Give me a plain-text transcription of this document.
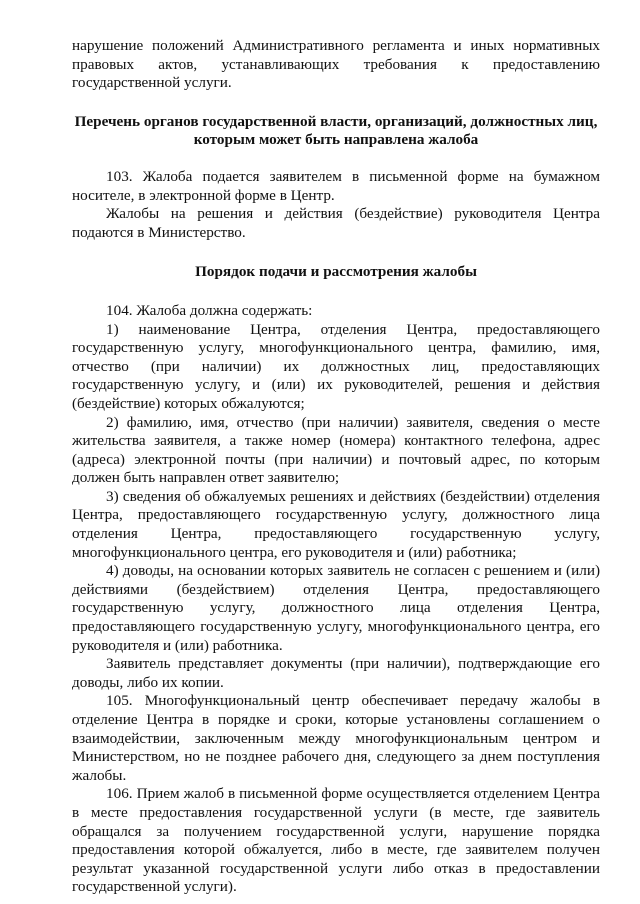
нарушение положений Административного регламента и иных нормативных правовых актов, устанавливающих требования к предоставлению государственной услуги.

Перечень органов государственной власти, организаций, должностных лиц, которым может быть направлена жалоба

103. Жалоба подается заявителем в письменной форме на бумажном носителе, в электронной форме в Центр.

Жалобы на решения и действия (бездействие) руководителя Центра подаются в Министерство.

Порядок подачи и рассмотрения жалобы

104. Жалоба должна содержать:

1) наименование Центра, отделения Центра, предоставляющего государственную услугу, многофункционального центра, фамилию, имя, отчество (при наличии) их должностных лиц, предоставляющих государственную услугу, и (или) их руководителей, решения и действия (бездействие) которых обжалуются;

2) фамилию, имя, отчество (при наличии) заявителя, сведения о месте жительства заявителя, а также номер (номера) контактного телефона, адрес (адреса) электронной почты (при наличии) и почтовый адрес, по которым должен быть направлен ответ заявителю;

3) сведения об обжалуемых решениях и действиях (бездействии) отделения Центра, предоставляющего государственную услугу, должностного лица отделения Центра, предоставляющего государственную услугу, многофункционального центра, его руководителя и (или) работника;

4) доводы, на основании которых заявитель не согласен с решением и (или) действиями (бездействием) отделения Центра, предоставляющего государственную услугу, должностного лица отделения Центра, предоставляющего государственную услугу, многофункционального центра, его руководителя и (или) работника.

Заявитель представляет документы (при наличии), подтверждающие его доводы, либо их копии.

105. Многофункциональный центр обеспечивает передачу жалобы в отделение Центра в порядке и сроки, которые установлены соглашением о взаимодействии, заключенным между многофункциональным центром и Министерством, но не позднее рабочего дня, следующего за днем поступления жалобы.

106. Прием жалоб в письменной форме осуществляется отделением Центра в месте предоставления государственной услуги (в месте, где заявитель обращался за получением государственной услуги, нарушение порядка предоставления которой обжалуется, либо в месте, где заявителем получен результат указанной государственной услуги либо отказ в предоставлении государственной услуги).
